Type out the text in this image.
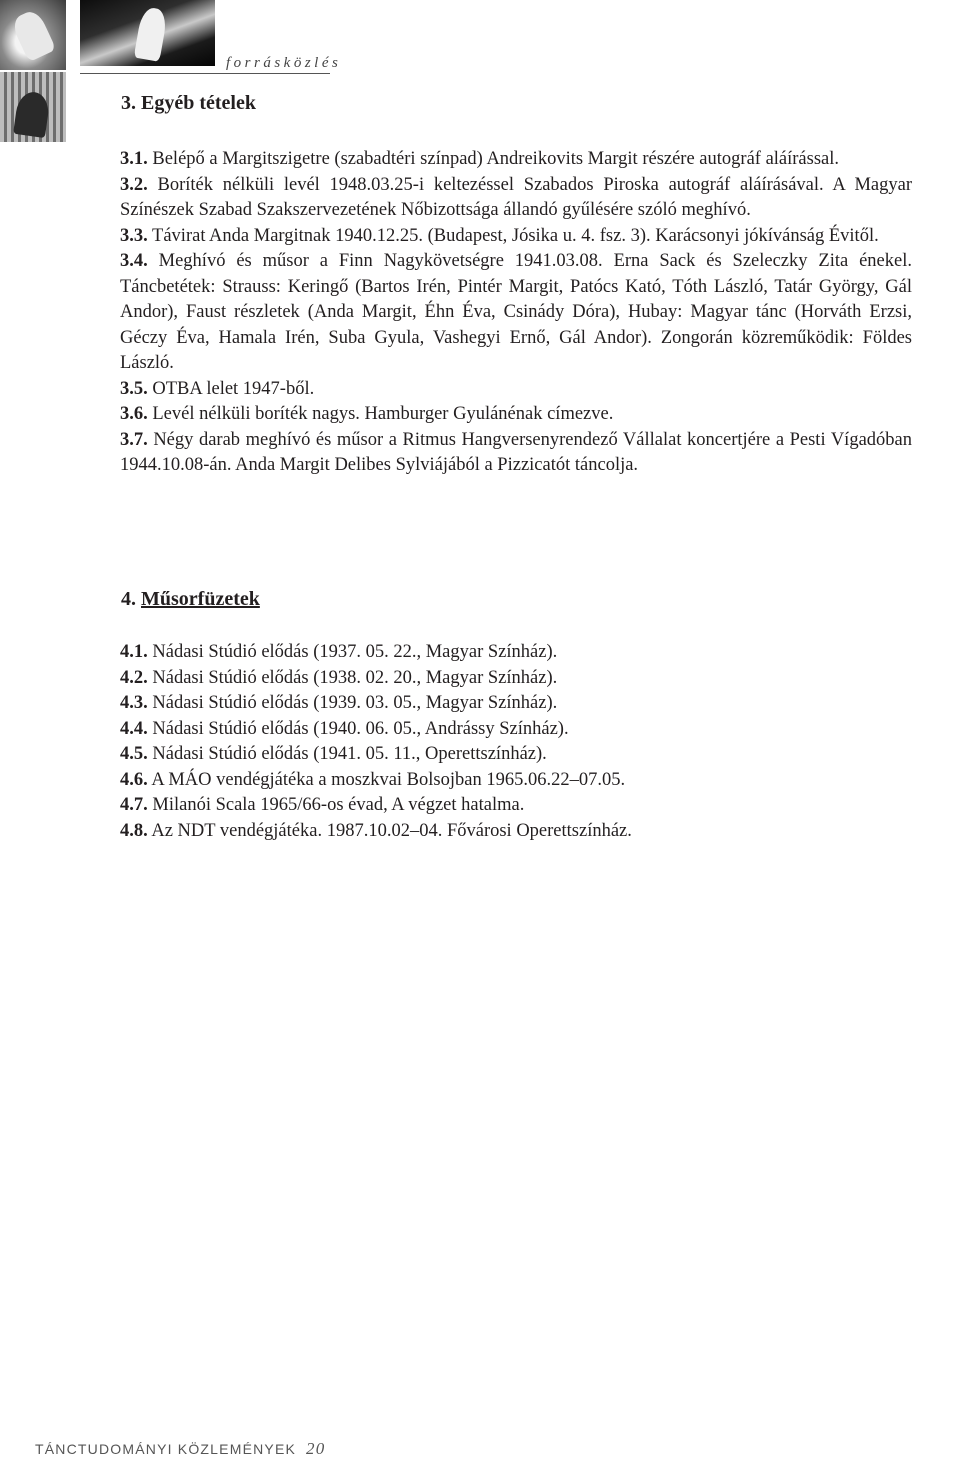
forrásközlés
3. Egyéb tételek

3.1. Belépő a Margitszigetre (szabadtéri színpad) Andreikovits Margit részére autográf aláírással.

3.2. Boríték nélküli levél 1948.03.25-i keltezéssel Szabados Piroska autográf aláírásával. A Magyar Színészek Szabad Szakszervezetének Nőbizottsága állandó gyűlésére szóló meghívó.

3.3. Távirat Anda Margitnak 1940.12.25. (Budapest, Jósika u. 4. fsz. 3). Karácsonyi jókívánság Évitől.

3.4. Meghívó és műsor a Finn Nagykövetségre 1941.03.08. Erna Sack és Szeleczky Zita énekel. Táncbetétek: Strauss: Keringő (Bartos Irén, Pintér Margit, Patócs Kató, Tóth László, Tatár György, Gál Andor), Faust részletek (Anda Margit, Éhn Éva, Csinády Dóra), Hubay: Magyar tánc (Horváth Erzsi, Géczy Éva, Hamala Irén, Suba Gyula, Vashegyi Ernő, Gál Andor). Zongorán közreműködik: Földes László.

3.5. OTBA lelet 1947-ből.

3.6. Levél nélküli boríték nagys. Hamburger Gyulánénak címezve.

3.7. Négy darab meghívó és műsor a Ritmus Hangversenyrendező Vállalat koncertjére a Pesti Vígadóban 1944.10.08-án. Anda Margit Delibes Sylviájából a Pizzicatót táncolja.

4. Műsorfüzetek

4.1. Nádasi Stúdió elődás (1937. 05. 22., Magyar Színház).

4.2. Nádasi Stúdió elődás (1938. 02. 20., Magyar Színház).

4.3. Nádasi Stúdió elődás (1939. 03. 05., Magyar Színház).

4.4. Nádasi Stúdió elődás (1940. 06. 05., Andrássy Színház).

4.5. Nádasi Stúdió elődás (1941. 05. 11., Operettszínház).

4.6. A MÁO vendégjátéka a moszkvai Bolsojban 1965.06.22–07.05.

4.7. Milanói Scala 1965/66-os évad, A végzet hatalma.

4.8. Az NDT vendégjátéka. 1987.10.02–04. Fővárosi Operettszínház.

TÁNCTUDOMÁNYI KÖZLEMÉNYEK 20
